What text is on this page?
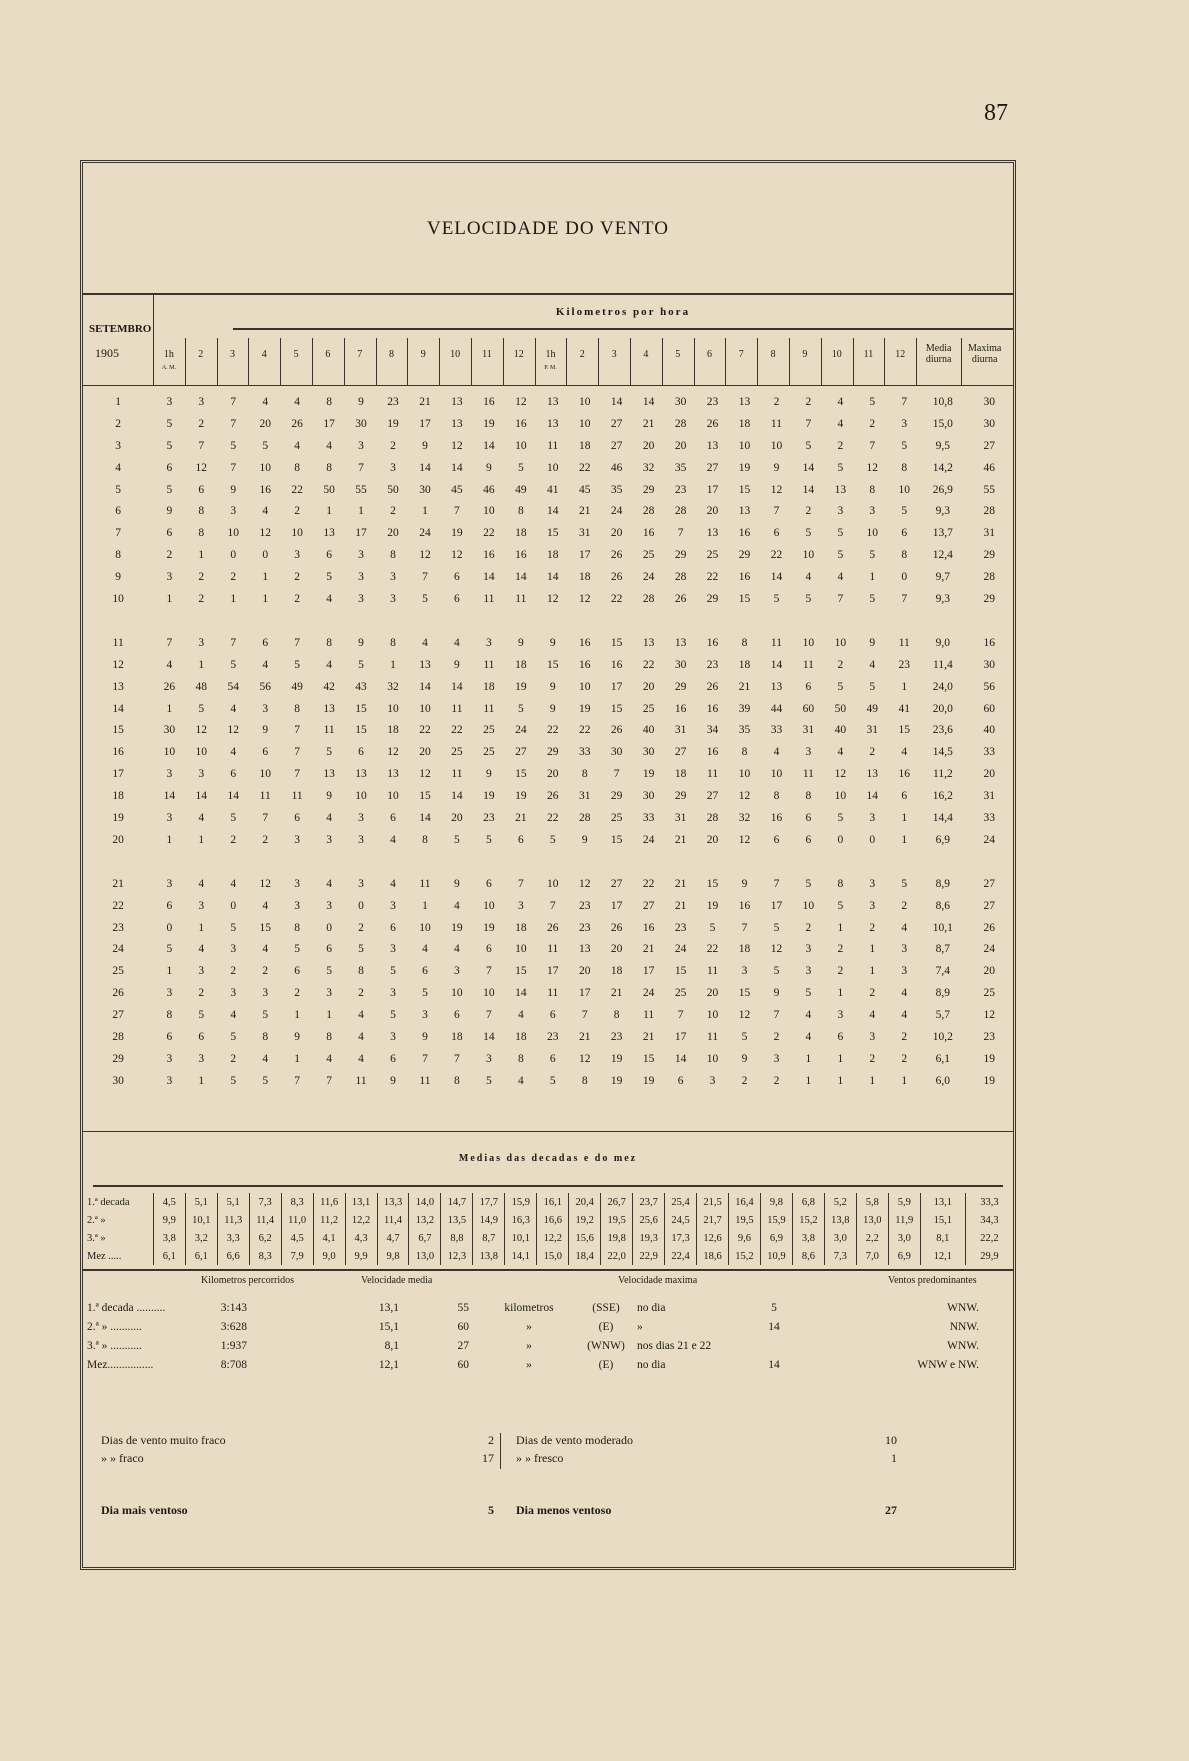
87
VELOCIDADE DO VENTO
SETEMBRO
1905
Kilometros por hora
1h
A. M.
2	3	4	5	6	7	8	9	10	11	12	1h
P. M.
2	3	4	5	6	7	8	9	10	11	12
Media diurna
Maxima diurna
1	3	3	7	4	4	8	9	23	21	13	16	12	13	10	14	14	30	23	13	2	2	4	5	7	10,8	30
2	5	2	7	20	26	17	30	19	17	13	19	16	13	10	27	21	28	26	18	11	7	4	2	3	15,0	30
3	5	7	5	5	4	4	3	2	9	12	14	10	11	18	27	20	20	13	10	10	5	2	7	5	9,5	27
4	6	12	7	10	8	8	7	3	14	14	9	5	10	22	46	32	35	27	19	9	14	5	12	8	14,2	46
5	5	6	9	16	22	50	55	50	30	45	46	49	41	45	35	29	23	17	15	12	14	13	8	10	26,9	55
6	9	8	3	4	2	1	1	2	1	7	10	8	14	21	24	28	28	20	13	7	2	3	3	5	9,3	28
7	6	8	10	12	10	13	17	20	24	19	22	18	15	31	20	16	7	13	16	6	5	5	10	6	13,7	31
8	2	1	0	0	3	6	3	8	12	12	16	16	18	17	26	25	29	25	29	22	10	5	5	8	12,4	29
9	3	2	2	1	2	5	3	3	7	6	14	14	14	18	26	24	28	22	16	14	4	4	1	0	9,7	28
10	1	2	1	1	2	4	3	3	5	6	11	11	12	12	22	28	26	29	15	5	5	7	5	7	9,3	29

11	7	3	7	6	7	8	9	8	4	4	3	9	9	16	15	13	13	16	8	11	10	10	9	11	9,0	16
12	4	1	5	4	5	4	5	1	13	9	11	18	15	16	16	22	30	23	18	14	11	2	4	23	11,4	30
13	26	48	54	56	49	42	43	32	14	14	18	19	9	10	17	20	29	26	21	13	6	5	5	1	24,0	56
14	1	5	4	3	8	13	15	10	10	11	11	5	9	19	15	25	16	16	39	44	60	50	49	41	20,0	60
15	30	12	12	9	7	11	15	18	22	22	25	24	22	22	26	40	31	34	35	33	31	40	31	15	23,6	40
16	10	10	4	6	7	5	6	12	20	25	25	27	29	33	30	30	27	16	8	4	3	4	2	4	14,5	33
17	3	3	6	10	7	13	13	13	12	11	9	15	20	8	7	19	18	11	10	10	11	12	13	16	11,2	20
18	14	14	14	11	11	9	10	10	15	14	19	19	26	31	29	30	29	27	12	8	8	10	14	6	16,2	31
19	3	4	5	7	6	4	3	6	14	20	23	21	22	28	25	33	31	28	32	16	6	5	3	1	14,4	33
20	1	1	2	2	3	3	3	4	8	5	5	6	5	9	15	24	21	20	12	6	6	0	0	1	6,9	24

21	3	4	4	12	3	4	3	4	11	9	6	7	10	12	27	22	21	15	9	7	5	8	3	5	8,9	27
22	6	3	0	4	3	3	0	3	1	4	10	3	7	23	17	27	21	19	16	17	10	5	3	2	8,6	27
23	0	1	5	15	8	0	2	6	10	19	19	18	26	23	26	16	23	5	7	5	2	1	2	4	10,1	26
24	5	4	3	4	5	6	5	3	4	4	6	10	11	13	20	21	24	22	18	12	3	2	1	3	8,7	24
25	1	3	2	2	6	5	8	5	6	3	7	15	17	20	18	17	15	11	3	5	3	2	1	3	7,4	20
26	3	2	3	3	2	3	2	3	5	10	10	14	11	17	21	24	25	20	15	9	5	1	2	4	8,9	25
27	8	5	4	5	1	1	4	5	3	6	7	4	6	7	8	11	7	10	12	7	4	3	4	4	5,7	12
28	6	6	5	8	9	8	4	3	9	18	14	18	23	21	23	21	17	11	5	2	4	6	3	2	10,2	23
29	3	3	2	4	1	4	4	6	7	7	3	8	6	12	19	15	14	10	9	3	1	1	2	2	6,1	19
30	3	1	5	5	7	7	11	9	11	8	5	4	5	8	19	19	6	3	2	2	1	1	1	1	6,0	19
Medias das decadas e do mez
1.ª decada	4,5	5,1	5,1	7,3	8,3	11,6	13,1	13,3	14,0	14,7	17,7	15,9	16,1	20,4	26,7	23,7	25,4	21,5	16,4	9,8	6,8	5,2	5,8	5,9	13,1	33,3
2.ª »	9,9	10,1	11,3	11,4	11,0	11,2	12,2	11,4	13,2	13,5	14,9	16,3	16,6	19,2	19,5	25,6	24,5	21,7	19,5	15,9	15,2	13,8	13,0	11,9	15,1	34,3
3.ª »	3,8	3,2	3,3	6,2	4,5	4,1	4,3	4,7	6,7	8,8	8,7	10,1	12,2	15,6	19,8	19,3	17,3	12,6	9,6	6,9	3,8	3,0	2,2	3,0	8,1	22,2
Mez .....	6,1	6,1	6,6	8,3	7,9	9,0	9,9	9,8	13,0	12,3	13,8	14,1	15,0	18,4	22,0	22,9	22,4	18,6	15,2	10,9	8,6	7,3	7,0	6,9	12,1	29,9
Kilometros percorridos	Velocidade media	Velocidade maxima	Ventos predominantes
1.ª decada ..........	3:143	13,1	55	kilometros	(SSE)	no dia	5	WNW.
2.ª » ...........	3:628	15,1	60	»	(E)	»	14	NNW.
3.ª » ...........	1:937	8,1	27	»	(WNW)	nos dias 21 e 22		WNW.
Mez................	8:708	12,1	60	»	(E)	no dia	14	WNW e NW.
Dias de vento muito fraco	2 Dias de vento moderado	10
» » fraco	17 » » fresco	1
Dia mais ventoso	5 Dia menos ventoso	27
